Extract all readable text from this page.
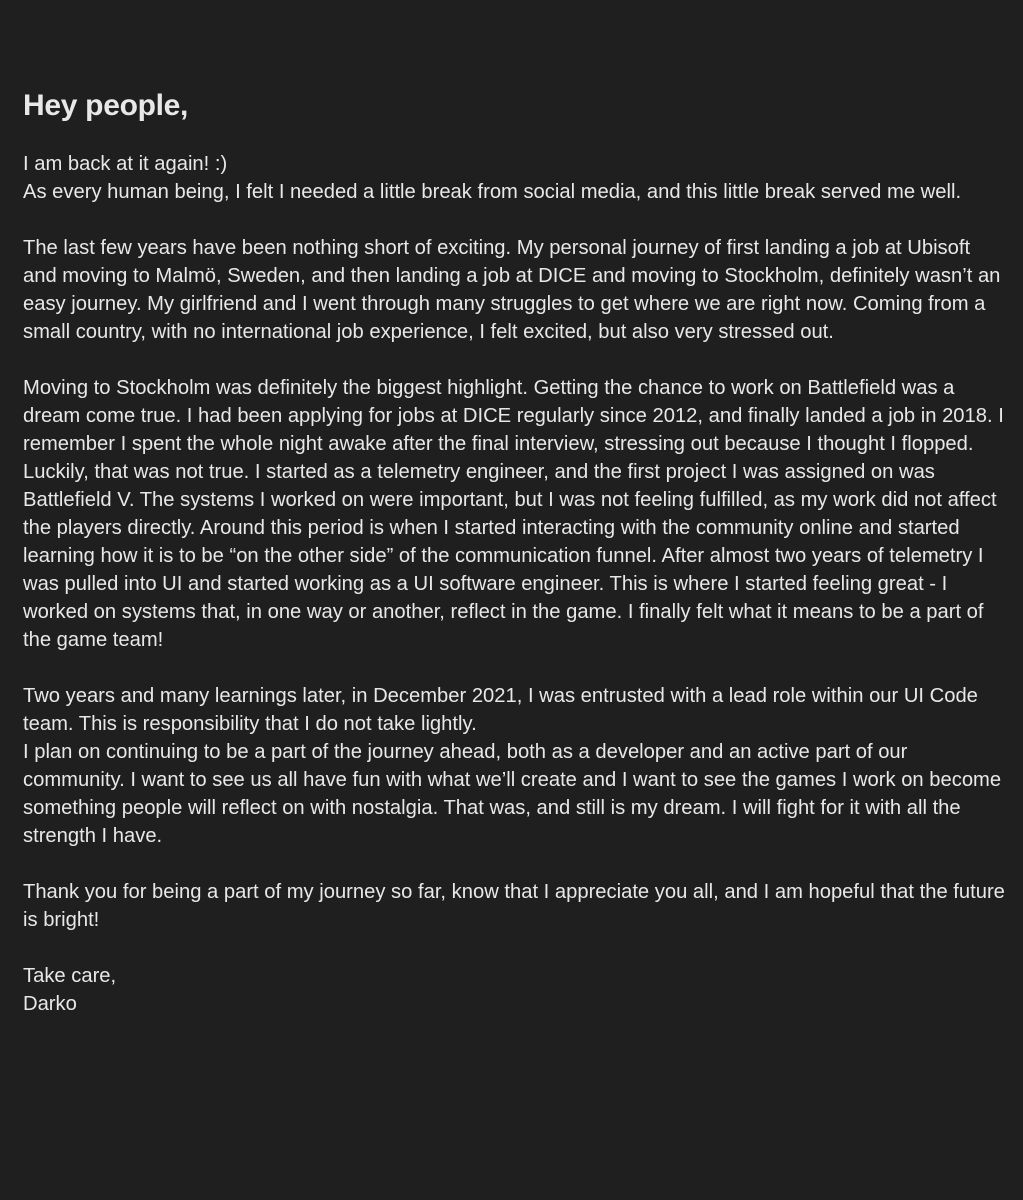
Hey people,

I am back at it again! :)
As every human being, I felt I needed a little break from social media, and this little break served me well.

The last few years have been nothing short of exciting. My personal journey of first landing a job at Ubisoft and moving to Malmö, Sweden, and then landing a job at DICE and moving to Stockholm, definitely wasn’t an easy journey. My girlfriend and I went through many struggles to get where we are right now. Coming from a small country, with no international job experience, I felt excited, but also very stressed out.

Moving to Stockholm was definitely the biggest highlight. Getting the chance to work on Battlefield was a dream come true. I had been applying for jobs at DICE regularly since 2012, and finally landed a job in 2018. I remember I spent the whole night awake after the final interview, stressing out because I thought I flopped. Luckily, that was not true. I started as a telemetry engineer, and the first project I was assigned on was Battlefield V. The systems I worked on were important, but I was not feeling fulfilled, as my work did not affect the players directly. Around this period is when I started interacting with the community online and started learning how it is to be “on the other side” of the communication funnel. After almost two years of telemetry I was pulled into UI and started working as a UI software engineer. This is where I started feeling great - I worked on systems that, in one way or another, reflect in the game. I finally felt what it means to be a part of the game team!

Two years and many learnings later, in December 2021, I was entrusted with a lead role within our UI Code team. This is responsibility that I do not take lightly.
I plan on continuing to be a part of the journey ahead, both as a developer and an active part of our community. I want to see us all have fun with what we’ll create and I want to see the games I work on become something people will reflect on with nostalgia. That was, and still is my dream. I will fight for it with all the strength I have.

Thank you for being a part of my journey so far, know that I appreciate you all, and I am hopeful that the future is bright!

Take care,
Darko
